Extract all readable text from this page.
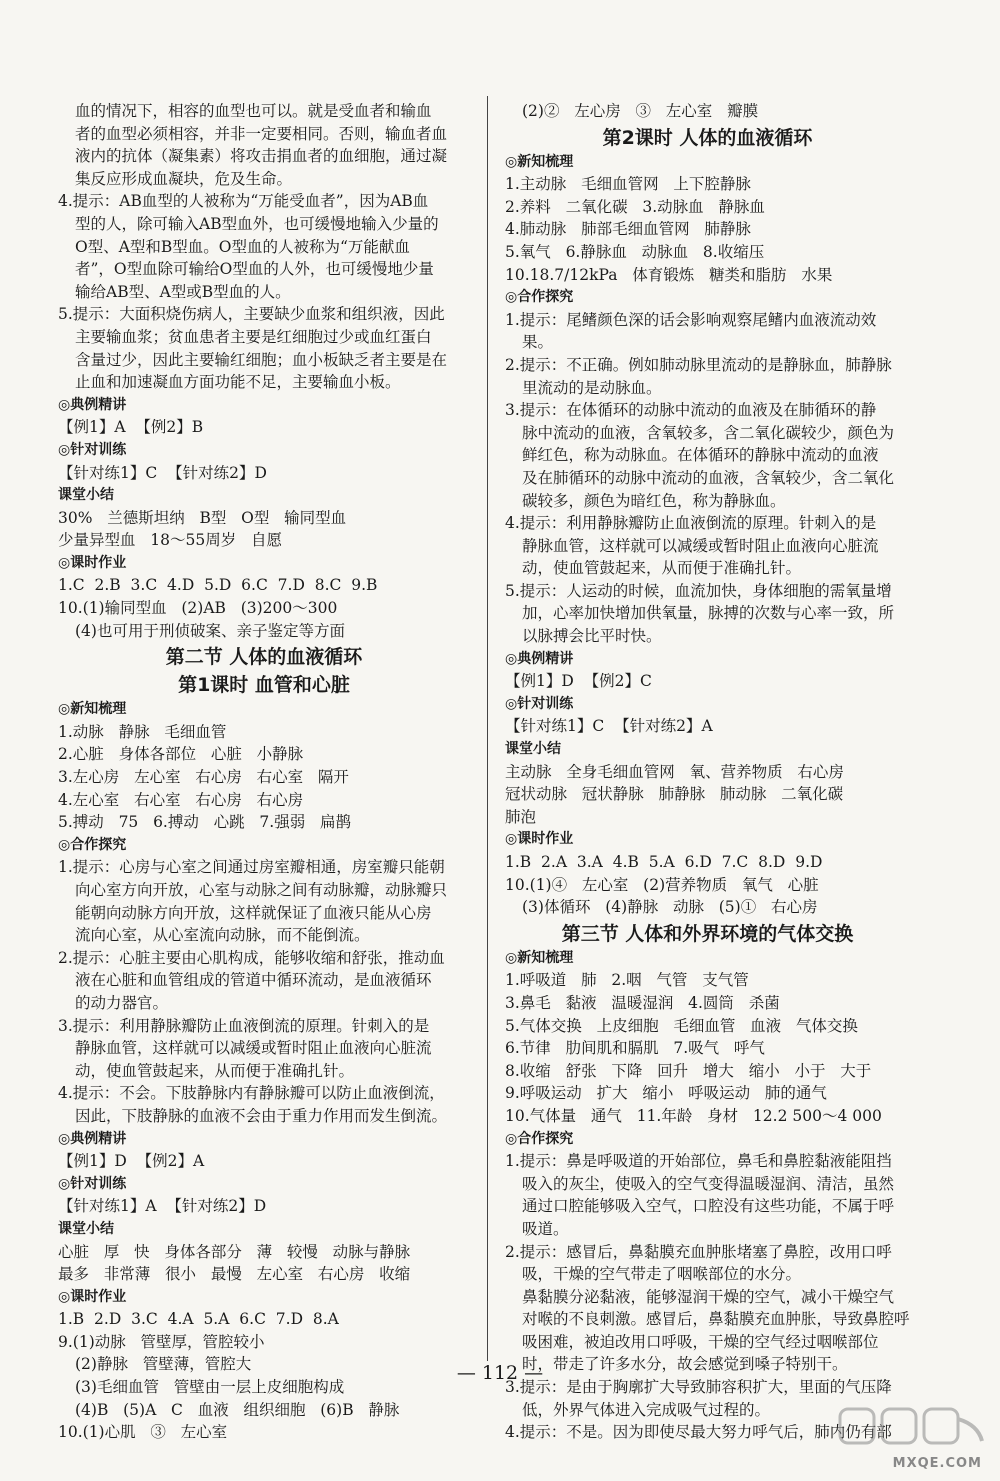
血的情况下，相容的血型也可以。就是受血者和输血
者的血型必须相容，并非一定要相同。否则，输血者血
液内的抗体（凝集素）将攻击捐血者的血细胞，通过凝
集反应形成血凝块，危及生命。
4.提示：AB血型的人被称为“万能受血者”，因为AB血
型的人，除可输入AB型血外，也可缓慢地输入少量的
O型、A型和B型血。O型血的人被称为“万能献血
者”，O型血除可输给O型血的人外，也可缓慢地少量
输给AB型、A型或B型血的人。
5.提示：大面积烧伤病人，主要缺少血浆和组织液，因此
主要输血浆；贫血患者主要是红细胞过少或血红蛋白
含量过少，因此主要输红细胞；血小板缺乏者主要是在
止血和加速凝血方面功能不足，主要输血小板。
◎典例精讲
【例1】A  【例2】B
◎针对训练
【针对练1】C  【针对练2】D
课堂小结
30%   兰德斯坦纳   B型   O型   输同型血
少量异型血   18～55周岁   自愿
◎课时作业
1.C  2.B  3.C  4.D  5.D  6.C  7.D  8.C  9.B
10.(1)输同型血   (2)AB   (3)200～300
(4)也可用于刑侦破案、亲子鉴定等方面
第二节 人体的血液循环
第1课时 血管和心脏
◎新知梳理
1.动脉   静脉   毛细血管
2.心脏   身体各部位   心脏   小静脉
3.左心房   左心室   右心房   右心室   隔开
4.左心室   右心室   右心房   右心房
5.搏动   75   6.搏动   心跳   7.强弱   扁鹊
◎合作探究
1.提示：心房与心室之间通过房室瓣相通，房室瓣只能朝
向心室方向开放，心室与动脉之间有动脉瓣，动脉瓣只
能朝向动脉方向开放，这样就保证了血液只能从心房
流向心室，从心室流向动脉，而不能倒流。
2.提示：心脏主要由心肌构成，能够收缩和舒张，推动血
液在心脏和血管组成的管道中循环流动，是血液循环
的动力器官。
3.提示：利用静脉瓣防止血液倒流的原理。针刺入的是
静脉血管，这样就可以减缓或暂时阻止血液向心脏流
动，使血管鼓起来，从而便于准确扎针。
4.提示：不会。下肢静脉内有静脉瓣可以防止血液倒流，
因此，下肢静脉的血液不会由于重力作用而发生倒流。
◎典例精讲
【例1】D  【例2】A
◎针对训练
【针对练1】A  【针对练2】D
课堂小结
心脏   厚   快   身体各部分   薄   较慢   动脉与静脉
最多   非常薄   很小   最慢   左心室   右心房   收缩
◎课时作业
1.B  2.D  3.C  4.A  5.A  6.C  7.D  8.A
9.(1)动脉   管壁厚，管腔较小
(2)静脉   管壁薄，管腔大
(3)毛细血管   管壁由一层上皮细胞构成
(4)B   (5)A   C   血液   组织细胞   (6)B   静脉
10.(1)心肌   ③   左心室
(2)②   左心房   ③   左心室   瓣膜
第2课时 人体的血液循环
◎新知梳理
1.主动脉   毛细血管网   上下腔静脉
2.养料   二氧化碳   3.动脉血   静脉血
4.肺动脉   肺部毛细血管网   肺静脉
5.氧气   6.静脉血   动脉血   8.收缩压
10.18.7/12kPa   体育锻炼   糖类和脂肪   水果
◎合作探究
1.提示：尾鳍颜色深的话会影响观察尾鳍内血液流动效
果。
2.提示：不正确。例如肺动脉里流动的是静脉血，肺静脉
里流动的是动脉血。
3.提示：在体循环的动脉中流动的血液及在肺循环的静
脉中流动的血液，含氧较多，含二氧化碳较少，颜色为
鲜红色，称为动脉血。在体循环的静脉中流动的血液
及在肺循环的动脉中流动的血液，含氧较少，含二氧化
碳较多，颜色为暗红色，称为静脉血。
4.提示：利用静脉瓣防止血液倒流的原理。针刺入的是
静脉血管，这样就可以减缓或暂时阻止血液向心脏流
动，使血管鼓起来，从而便于准确扎针。
5.提示：人运动的时候，血流加快，身体细胞的需氧量增
加，心率加快增加供氧量，脉搏的次数与心率一致，所
以脉搏会比平时快。
◎典例精讲
【例1】D  【例2】C
◎针对训练
【针对练1】C  【针对练2】A
课堂小结
主动脉   全身毛细血管网   氧、营养物质   右心房
冠状动脉   冠状静脉   肺静脉   肺动脉   二氧化碳
肺泡
◎课时作业
1.B  2.A  3.A  4.B  5.A  6.D  7.C  8.D  9.D
10.(1)④   左心室   (2)营养物质   氧气   心脏
(3)体循环   (4)静脉   动脉   (5)①   右心房
第三节 人体和外界环境的气体交换
◎新知梳理
1.呼吸道   肺   2.咽   气管   支气管
3.鼻毛   黏液   温暖湿润   4.圆筒   杀菌
5.气体交换   上皮细胞   毛细血管   血液   气体交换
6.节律   肋间肌和膈肌   7.吸气   呼气
8.收缩   舒张   下降   回升   增大   缩小   小于   大于
9.呼吸运动   扩大   缩小   呼吸运动   肺的通气
10.气体量   通气   11.年龄   身材   12.2 500～4 000
◎合作探究
1.提示：鼻是呼吸道的开始部位，鼻毛和鼻腔黏液能阻挡
吸入的灰尘，使吸入的空气变得温暖湿润、清洁，虽然
通过口腔能够吸入空气，口腔没有这些功能，不属于呼
吸道。
2.提示：感冒后，鼻黏膜充血肿胀堵塞了鼻腔，改用口呼
吸，干燥的空气带走了咽喉部位的水分。
鼻黏膜分泌黏液，能够湿润干燥的空气，减小干燥空气
对喉的不良刺激。感冒后，鼻黏膜充血肿胀，导致鼻腔呼
吸困难，被迫改用口呼吸，干燥的空气经过咽喉部位
时，带走了许多水分，故会感觉到嗓子特别干。
3.提示：是由于胸廓扩大导致肺容积扩大，里面的气压降
低，外界气体进入完成吸气过程的。
4.提示：不是。因为即使尽最大努力呼气后，肺内仍有部
— 112 —
MXQE.COM
